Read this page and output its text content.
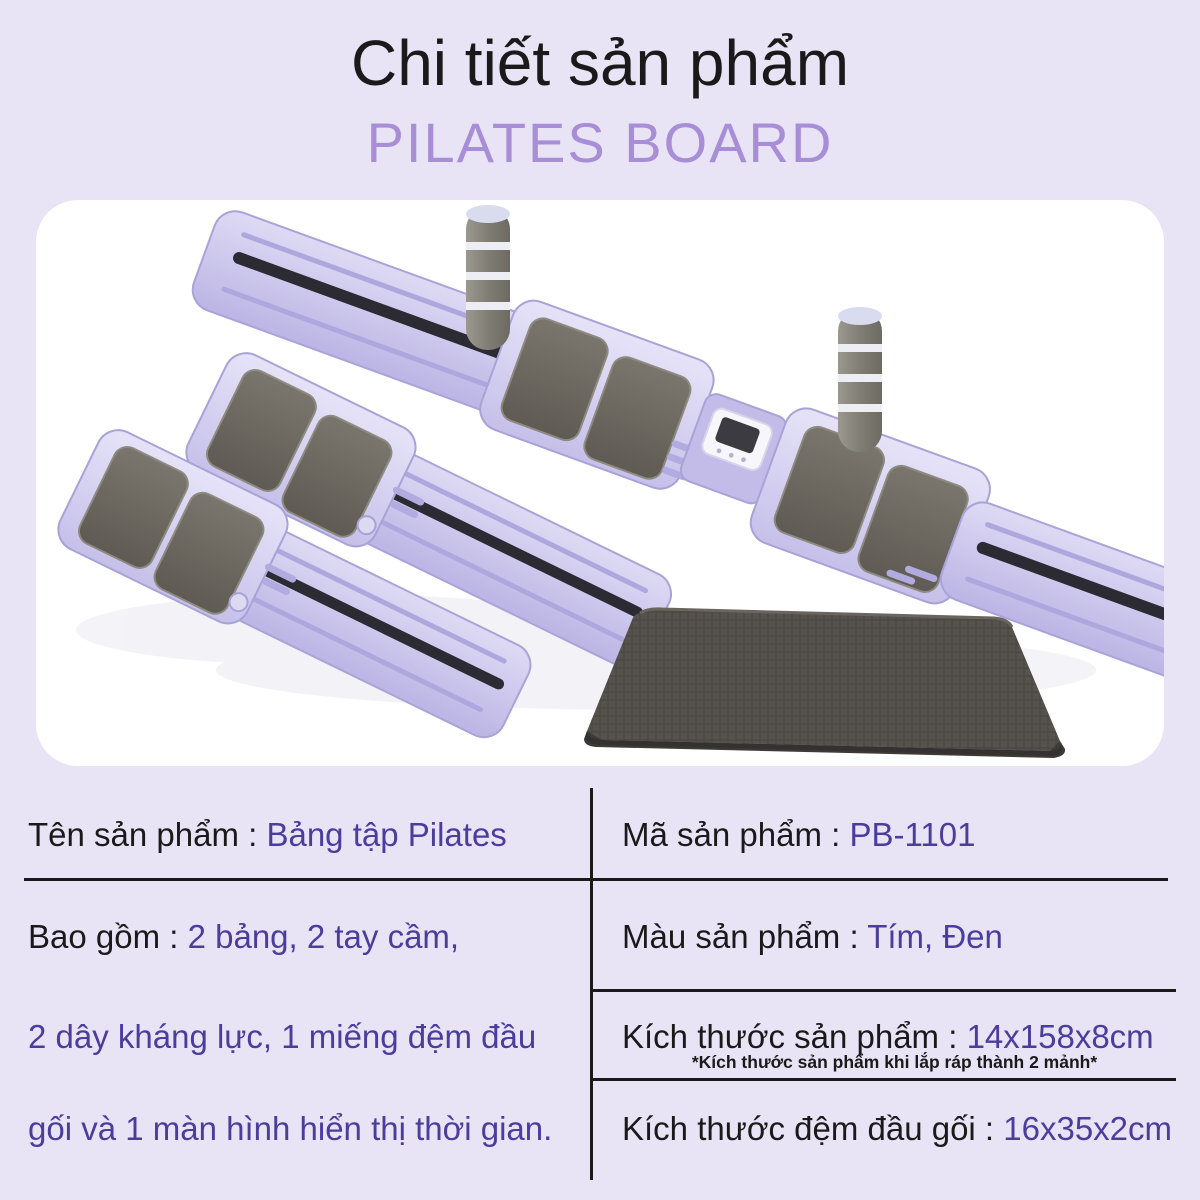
Chi tiết sản phẩm
PILATES BOARD
Tên sản phẩm : Bảng tập Pilates
Bao gồm : 2 bảng, 2 tay cầm,
2 dây kháng lực, 1 miếng đệm đầu
gối và 1 màn hình hiển thị thời gian.
Mã sản phẩm : PB-1101
Màu sản phẩm : Tím, Đen
Kích thước sản phẩm : 14x158x8cm
*Kích thước sản phẩm khi lắp ráp thành 2 mảnh*
Kích thước đệm đầu gối : 16x35x2cm
